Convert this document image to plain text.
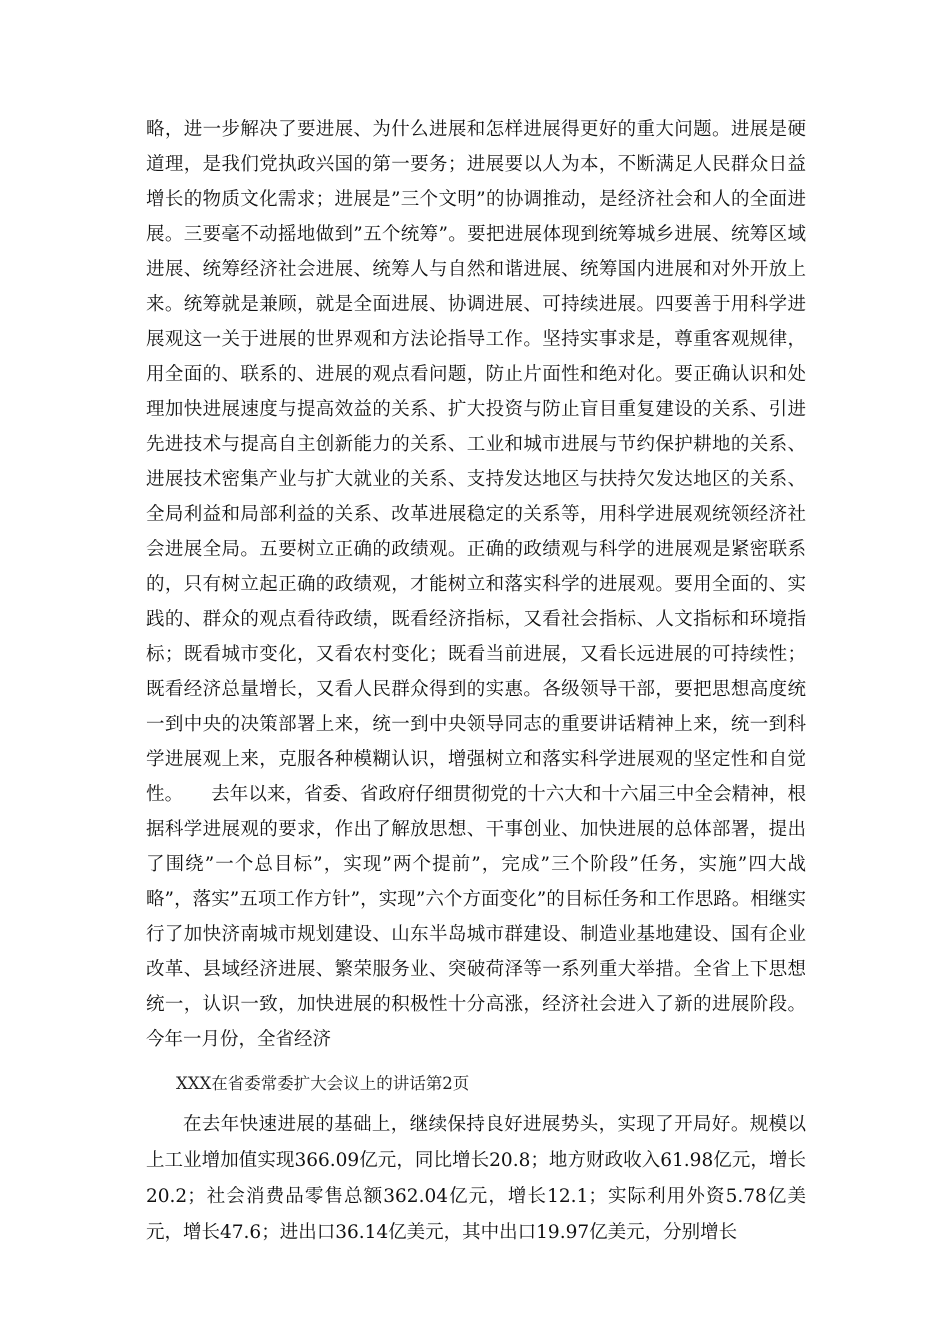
略，进一步解决了要进展、为什么进展和怎样进展得更好的重大问题。进展是硬道理，是我们党执政兴国的第一要务；进展要以人为本，不断满足人民群众日益增长的物质文化需求；进展是”三个文明”的协调推动，是经济社会和人的全面进展。三要毫不动摇地做到”五个统筹”。要把进展体现到统筹城乡进展、统筹区域进展、统筹经济社会进展、统筹人与自然和谐进展、统筹国内进展和对外开放上来。统筹就是兼顾，就是全面进展、协调进展、可持续进展。四要善于用科学进展观这一关于进展的世界观和方法论指导工作。坚持实事求是，尊重客观规律，用全面的、联系的、进展的观点看问题，防止片面性和绝对化。要正确认识和处理加快进展速度与提高效益的关系、扩大投资与防止盲目重复建设的关系、引进先进技术与提高自主创新能力的关系、工业和城市进展与节约保护耕地的关系、进展技术密集产业与扩大就业的关系、支持发达地区与扶持欠发达地区的关系、全局利益和局部利益的关系、改革进展稳定的关系等，用科学进展观统领经济社会进展全局。五要树立正确的政绩观。正确的政绩观与科学的进展观是紧密联系的，只有树立起正确的政绩观，才能树立和落实科学的进展观。要用全面的、实践的、群众的观点看待政绩，既看经济指标，又看社会指标、人文指标和环境指标；既看城市变化，又看农村变化；既看当前进展，又看长远进展的可持续性；既看经济总量增长，又看人民群众得到的实惠。各级领导干部，要把思想高度统一到中央的决策部署上来，统一到中央领导同志的重要讲话精神上来，统一到科学进展观上来，克服各种模糊认识，增强树立和落实科学进展观的坚定性和自觉性。　　去年以来，省委、省政府仔细贯彻党的十六大和十六届三中全会精神，根据科学进展观的要求，作出了解放思想、干事创业、加快进展的总体部署，提出了围绕”一个总目标”，实现”两个提前”，完成”三个阶段”任务，实施”四大战略”，落实”五项工作方针”，实现”六个方面变化”的目标任务和工作思路。相继实行了加快济南城市规划建设、山东半岛城市群建设、制造业基地建设、国有企业改革、县域经济进展、繁荣服务业、突破荷泽等一系列重大举措。全省上下思想统一，认识一致，加快进展的积极性十分高涨，经济社会进入了新的进展阶段。今年一月份，全省经济

XXX在省委常委扩大会议上的讲话第2页

在去年快速进展的基础上，继续保持良好进展势头，实现了开局好。规模以上工业增加值实现366.09亿元，同比增长20.8；地方财政收入61.98亿元，增长20.2；社会消费品零售总额362.04亿元，增长12.1；实际利用外资5.78亿美元，增长47.6；进出口36.14亿美元，其中出口19.97亿美元，分别增长
